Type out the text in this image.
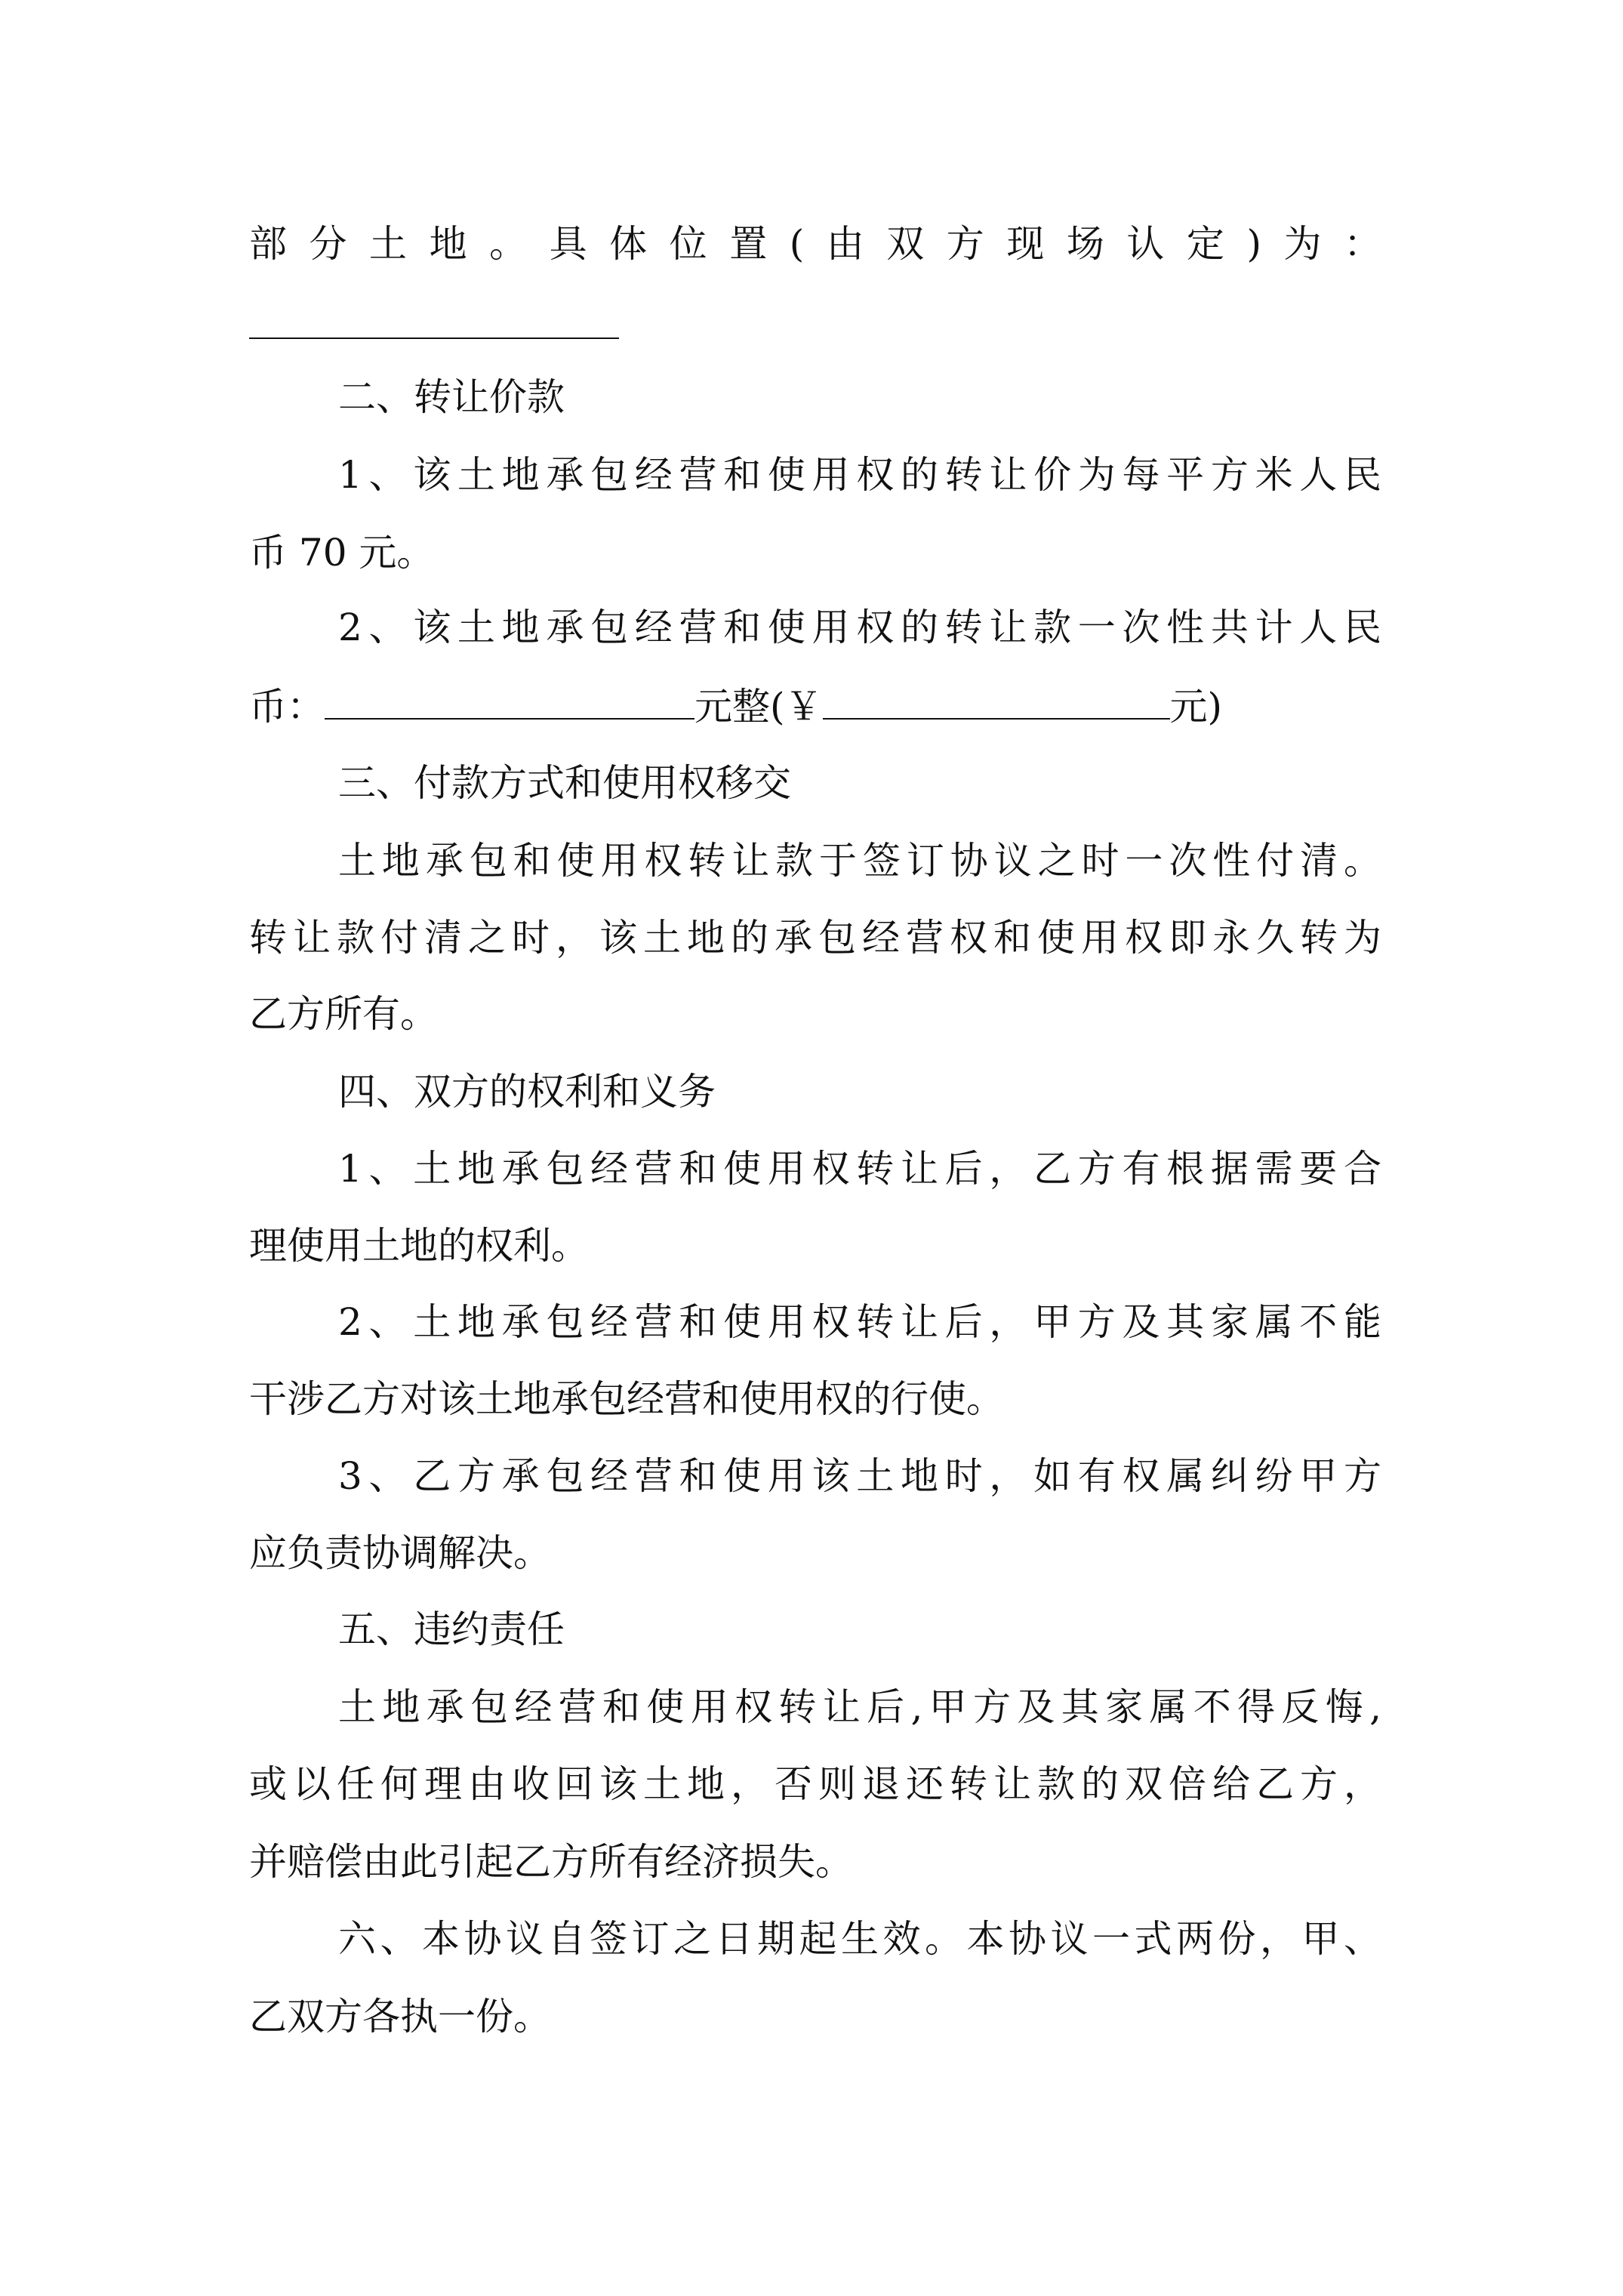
部分土地。具体位置(由双方现场认定)为：

二、转让价款

1、该土地承包经营和使用权的转让价为每平方米人民

币 70 元。

2、该土地承包经营和使用权的转让款一次性共计人民

币：	元整(￥	元)

三、付款方式和使用权移交

土地承包和使用权转让款于签订协议之时一次性付清。

转让款付清之时，该土地的承包经营权和使用权即永久转为

乙方所有。

四、双方的权利和义务

1、土地承包经营和使用权转让后，乙方有根据需要合

理使用土地的权利。

2、土地承包经营和使用权转让后，甲方及其家属不能

干涉乙方对该土地承包经营和使用权的行使。

3、乙方承包经营和使用该土地时，如有权属纠纷甲方

应负责协调解决。

五、违约责任

土地承包经营和使用权转让后,甲方及其家属不得反悔,

或以任何理由收回该土地，否则退还转让款的双倍给乙方，

并赔偿由此引起乙方所有经济损失。

六、本协议自签订之日期起生效。本协议一式两份，甲、

乙双方各执一份。
